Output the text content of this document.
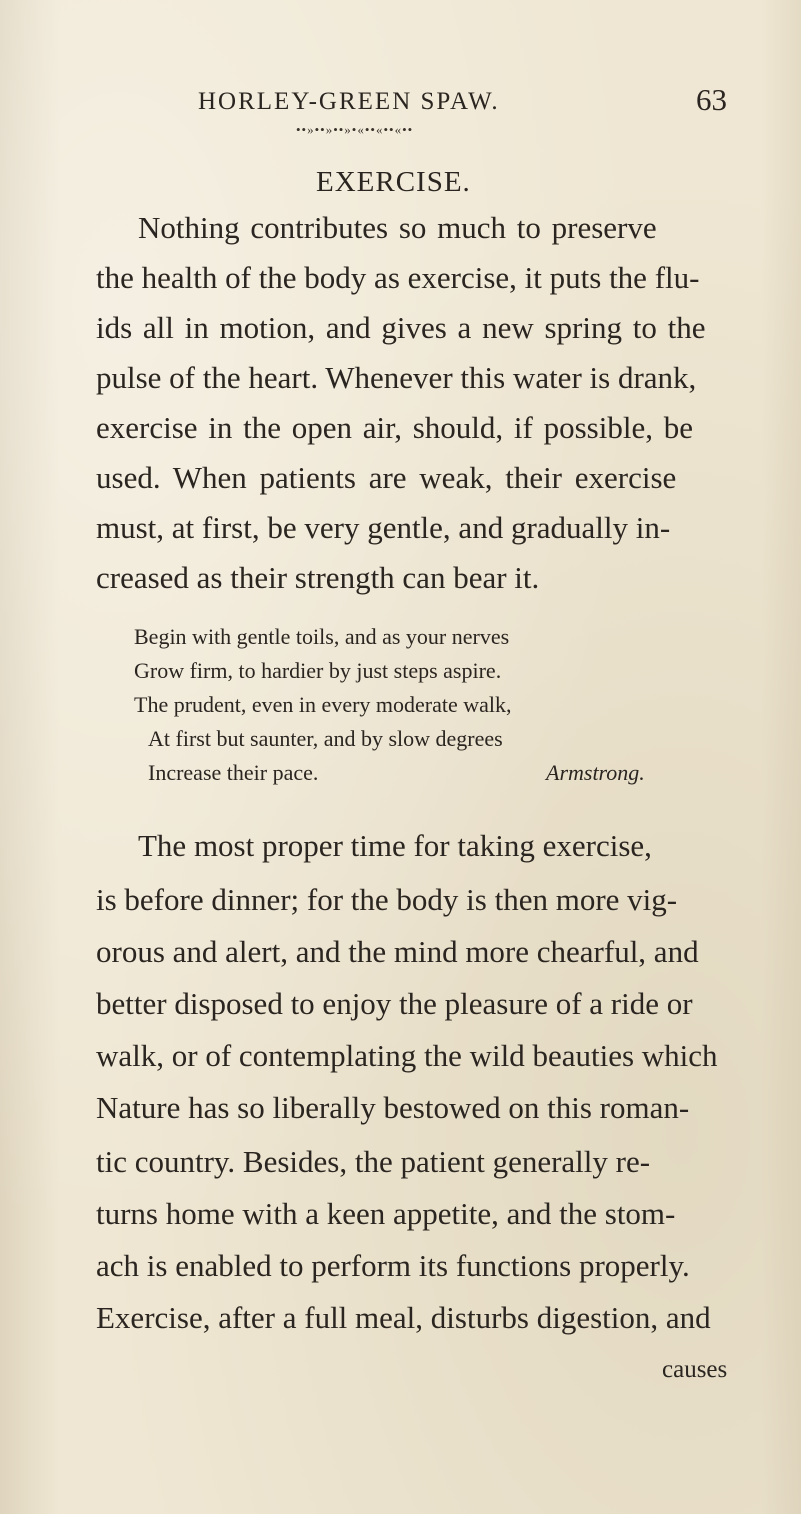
HORLEY-GREEN SPAW.	63
••»••»••»•«••«••«••
EXERCISE.
Nothing contributes so much to preserve
the health of the body as exercise, it puts the flu-
ids all in motion, and gives a new spring to the
pulse of the heart. Whenever this water is drank,
exercise in the open air, should, if possible, be
used. When patients are weak, their exercise
must, at first, be very gentle, and gradually in-
creased as their strength can bear it.
Begin with gentle toils, and as your nerves
Grow firm, to hardier by just steps aspire.
The prudent, even in every moderate walk,
At first but saunter, and by slow degrees
Increase their pace.	Armstrong.
The most proper time for taking exercise,
is before dinner; for the body is then more vig-
orous and alert, and the mind more chearful, and
better disposed to enjoy the pleasure of a ride or
walk, or of contemplating the wild beauties which
Nature has so liberally bestowed on this roman-
tic country. Besides, the patient generally re-
turns home with a keen appetite, and the stom-
ach is enabled to perform its functions properly.
Exercise, after a full meal, disturbs digestion, and
causes
